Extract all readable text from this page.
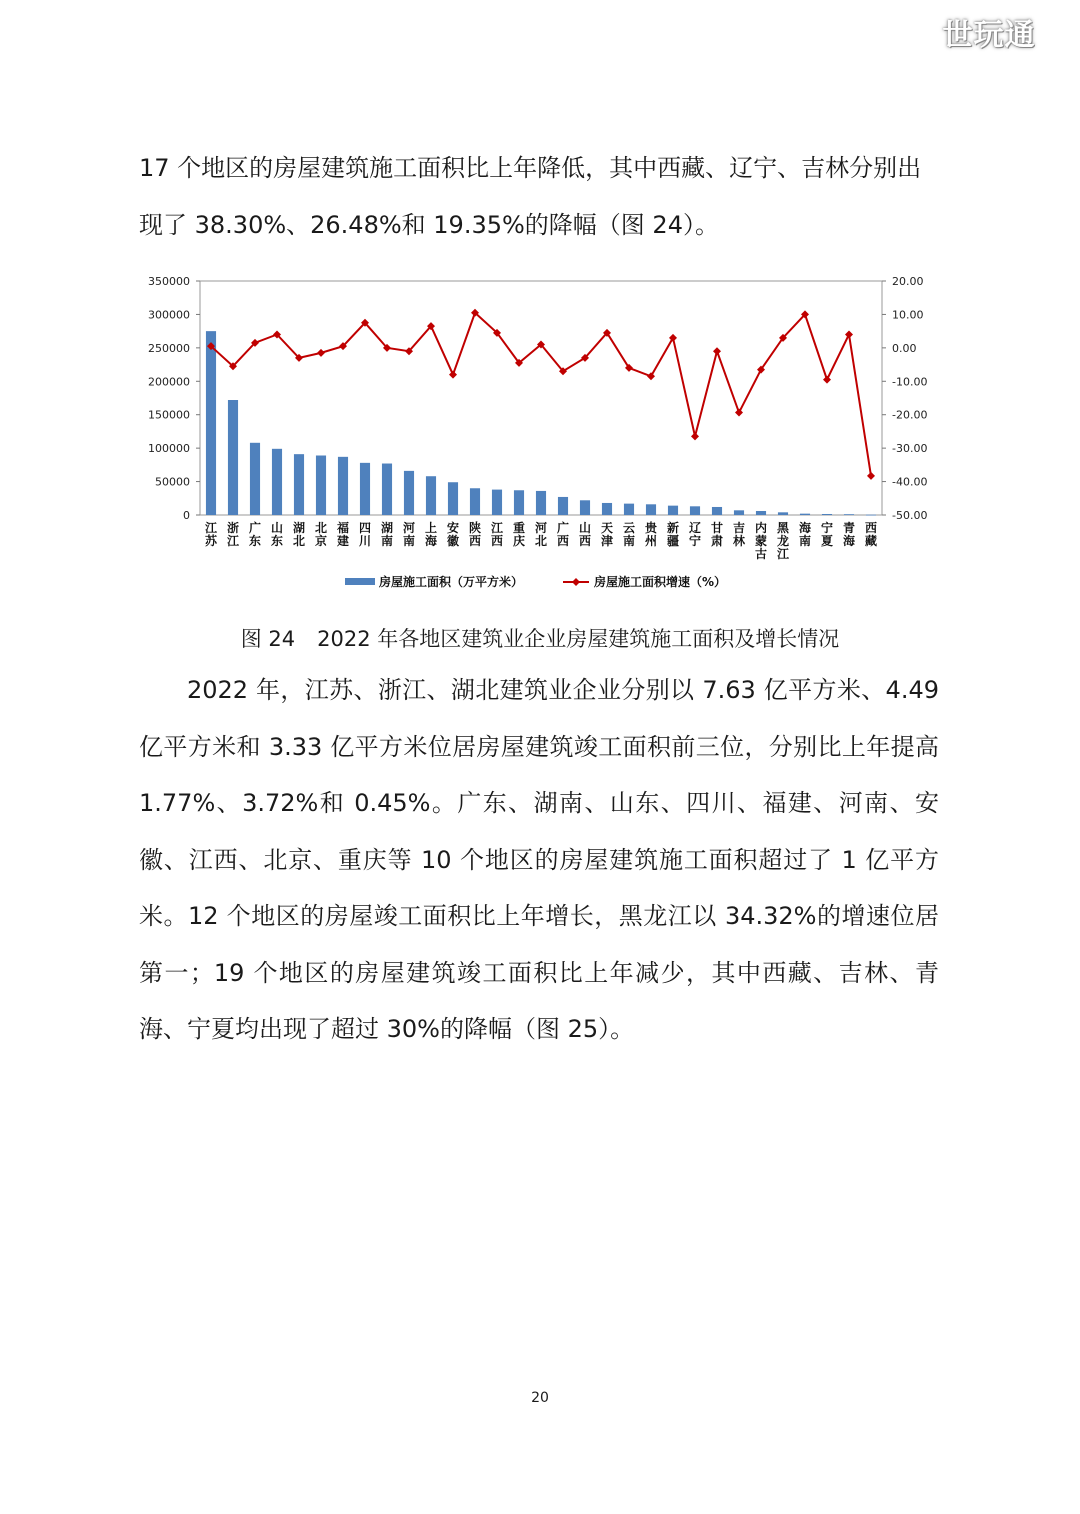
世玩通

17 个地区的房屋建筑施工面积比上年降低，其中西藏、辽宁、吉林分别出现了 38.30%、26.48%和 19.35%的降幅（图 24）。

0
50000
100000
150000
200000
250000
300000
350000
-50.00
-40.00
-30.00
-20.00
-10.00
0.00
10.00
20.00
江苏
浙江
广东
山东
湖北
北京
福建
四川
湖南
河南
上海
安徽
陕西
江西
重庆
河北
广西
山西
天津
云南
贵州
新疆
辽宁
甘肃
吉林
内蒙古
黑龙江
海南
宁夏
青海
西藏
房屋施工面积（万平方米）	房屋施工面积增速（%）
图 24 2022 年各地区建筑业企业房屋建筑施工面积及增长情况

2022 年，江苏、浙江、湖北建筑业企业分别以 7.63 亿平方米、4.49 亿平方米和 3.33 亿平方米位居房屋建筑竣工面积前三位，分别比上年提高 1.77%、3.72%和 0.45%。广东、湖南、山东、四川、福建、河南、安徽、江西、北京、重庆等 10 个地区的房屋建筑施工面积超过了 1 亿平方米。12 个地区的房屋竣工面积比上年增长，黑龙江以 34.32%的增速位居第一；19 个地区的房屋建筑竣工面积比上年减少，其中西藏、吉林、青海、宁夏均出现了超过 30%的降幅（图 25）。

20
